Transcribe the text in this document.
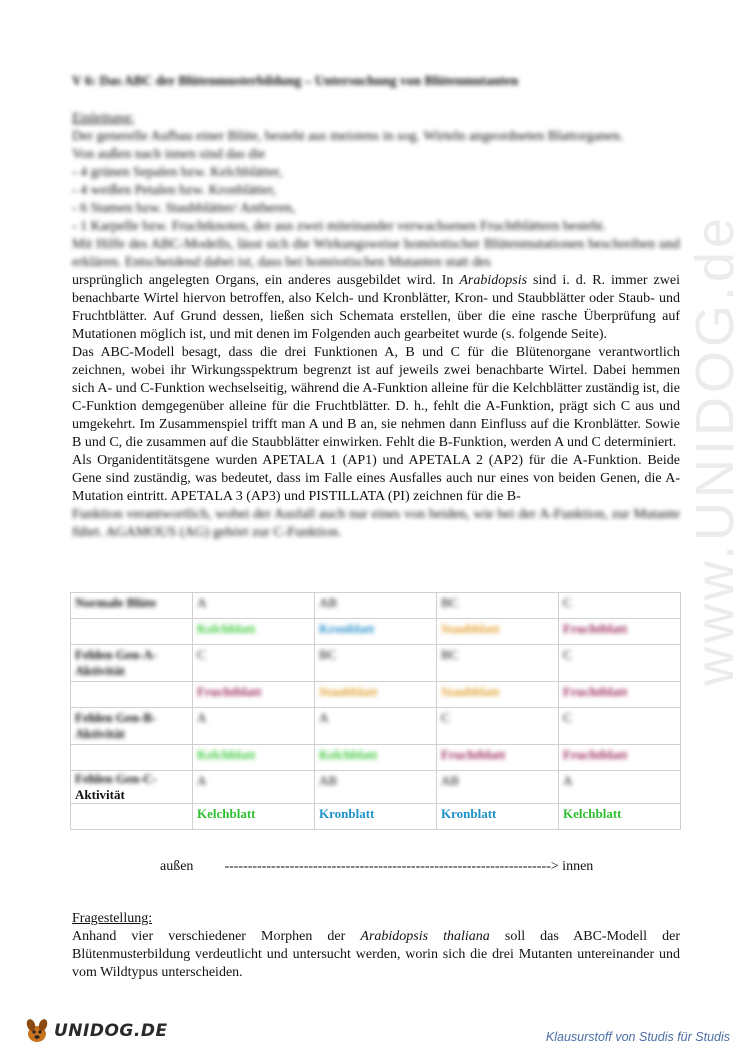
www.UNIDOG.de
V 6: Das ABC der Blütenmusterbildung – Untersuchung von Blütenmutanten
Einleitung:
Der generelle Aufbau einer Blüte, besteht aus meistens in sog. Wirteln angeordneten Blattorganen.
Von außen nach innen sind das die
- 4 grünen Sepalen bzw. Kelchblätter,
- 4 weißen Petalen bzw. Kronblätter,
- 6 Stamen bzw. Staubblätter/ Antheren,
- 1 Karpelle bzw. Fruchtknoten, der aus zwei miteinander verwachsenen Fruchtblättern besteht.

Mit Hilfe des ABC-Modells, lässt sich die Wirkungsweise homöotischer Blütenmutationen beschreiben und erklären. Entscheidend dabei ist, dass bei homöotischen Mutanten statt des

ursprünglich angelegten Organs, ein anderes ausgebildet wird. In Arabidopsis sind i. d. R. immer zwei benachbarte Wirtel hiervon betroffen, also Kelch- und Kronblätter, Kron- und Staubblätter oder Staub- und Fruchtblätter. Auf Grund dessen, ließen sich Schemata erstellen, über die eine rasche Überprüfung auf Mutationen möglich ist, und mit denen im Folgenden auch gearbeitet wurde (s. folgende Seite).

Das ABC-Modell besagt, dass die drei Funktionen A, B und C für die Blütenorgane verantwortlich zeichnen, wobei ihr Wirkungsspektrum begrenzt ist auf jeweils zwei benachbarte Wirtel. Dabei hemmen sich A- und C-Funktion wechselseitig, während die A-Funktion alleine für die Kelchblätter zuständig ist, die C-Funktion demgegenüber alleine für die Fruchtblätter. D. h., fehlt die A-Funktion, prägt sich C aus und umgekehrt. Im Zusammenspiel trifft man A und B an, sie nehmen dann Einfluss auf die Kronblätter. Sowie B und C, die zusammen auf die Staubblätter einwirken. Fehlt die B-Funktion, werden A und C determiniert.

Als Organidentitätsgene wurden APETALA 1 (AP1) und APETALA 2 (AP2) für die A-Funktion. Beide Gene sind zuständig, was bedeutet, dass im Falle eines Ausfalles auch nur eines von beiden Genen, die A-Mutation eintritt. APETALA 3 (AP3) und PISTILLATA (PI) zeichnen für die B-

Funktion verantwortlich, wobei der Ausfall auch nur eines von beiden, wie bei der A-Funktion, zur Mutante führt. AGAMOUS (AG) gehört zur C-Funktion.

Normale Blüte	A	AB	BC	C
	Kelchblatt	Kronblatt	Staubblatt	Fruchtblatt
Fehlen Gen-A-Aktivität	C	BC	BC	C
	Fruchtblatt	Staubblatt	Staubblatt	Fruchtblatt
Fehlen Gen-B-Aktivität	A	A	C	C
	Kelchblatt	Kelchblatt	Fruchtblatt	Fruchtblatt

Fehlen Gen-C-
Aktivität	A	AB	AB	A
	Kelchblatt	Kronblatt	Kronblatt	Kelchblatt
außen ----------------------------------------------------------------------> innen
Fragestellung:

Anhand vier verschiedener Morphen der Arabidopsis thaliana soll das ABC-Modell der Blütenmusterbildung verdeutlicht und untersucht werden, worin sich die drei Mutanten untereinander und vom Wildtypus unterscheiden.

UNIDOG.DE	Klausurstoff von Studis für Studis
